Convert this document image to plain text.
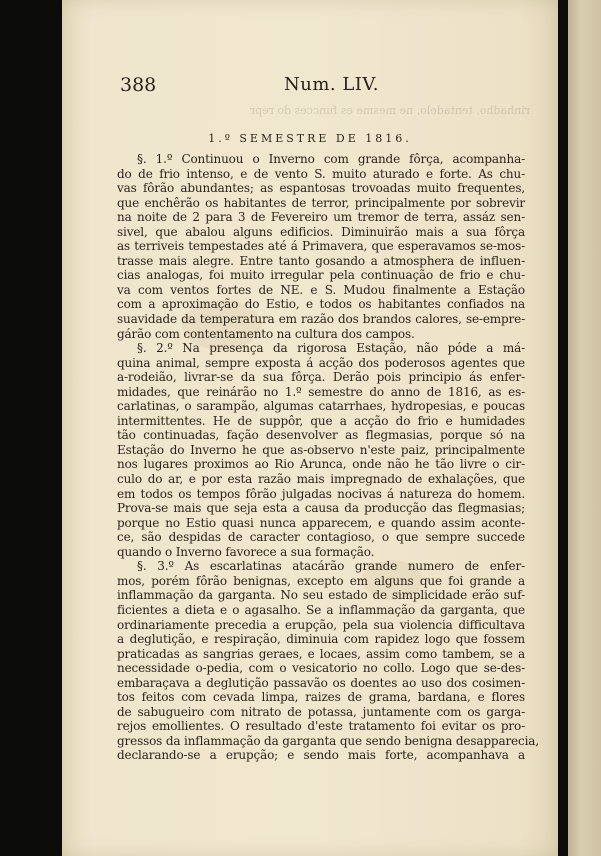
388	Num. LIV.
rinhadho, tentadelo, ne mesme es funcces do repr
1.º SEMESTRE DE 1816.
§. 1.º Continuou o Inverno com grande fôrça, acompanha-
do de frio intenso, e de vento S. muito aturado e forte. As chu-
vas fôrão abundantes; as espantosas trovoadas muito frequentes,
que enchêrão os habitantes de terror, principalmente por sobrevir
na noite de 2 para 3 de Fevereiro um tremor de terra, assáz sen-
sivel, que abalou alguns edificios. Diminuirão mais a sua fôrça
as terriveis tempestades até á Primavera, que esperavamos se-mos-
trasse mais alegre. Entre tanto gosando a atmosphera de influen-
cias analogas, foi muito irregular pela continuação de frio e chu-
va com ventos fortes de NE. e S. Mudou finalmente a Estação
com a aproximação do Estio, e todos os habitantes confiados na
suavidade da temperatura em razão dos brandos calores, se-empre-
gárão com contentamento na cultura dos campos.
§. 2.º Na presença da rigorosa Estação, não póde a má-
quina animal, sempre exposta á acção dos poderosos agentes que
a-rodeião, livrar-se da sua fôrça. Derão pois principio ás enfer-
midades, que reinárão no 1.º semestre do anno de 1816, as es-
carlatinas, o sarampão, algumas catarrhaes, hydropesias, e poucas
intermittentes. He de suppôr, que a acção do frio e humidades
tão continuadas, fação desenvolver as flegmasias, porque só na
Estação do Inverno he que as-observo n'este paiz, principalmente
nos lugares proximos ao Rio Arunca, onde não he tão livre o cir-
culo do ar, e por esta razão mais impregnado de exhalações, que
em todos os tempos fôrão julgadas nocivas á natureza do homem.
Prova-se mais que seja esta a causa da producção das flegmasias;
porque no Estio quasi nunca apparecem, e quando assim aconte-
ce, são despidas de caracter contagioso, o que sempre succede
quando o Inverno favorece a sua formação.
§. 3.º As escarlatinas atacárão grande numero de enfer-
mos, porém fôrão benignas, excepto em alguns que foi grande a
inflammação da garganta. No seu estado de simplicidade erão suf-
ficientes a dieta e o agasalho. Se a inflammação da garganta, que
ordinariamente precedia a erupção, pela sua violencia difficultava
a deglutição, e respiração, diminuia com rapidez logo que fossem
praticadas as sangrias geraes, e locaes, assim como tambem, se a
necessidade o-pedia, com o vesicatorio no collo. Logo que se-des-
embaraçava a deglutição passavão os doentes ao uso dos cosimen-
tos feitos com cevada limpa, raizes de grama, bardana, e flores
de sabugueiro com nitrato de potassa, juntamente com os garga-
rejos emollientes. O resultado d'este tratamento foi evitar os pro-
gressos da inflammação da garganta que sendo benigna desapparecia,
declarando-se a erupção; e sendo mais forte, acompanhava a
